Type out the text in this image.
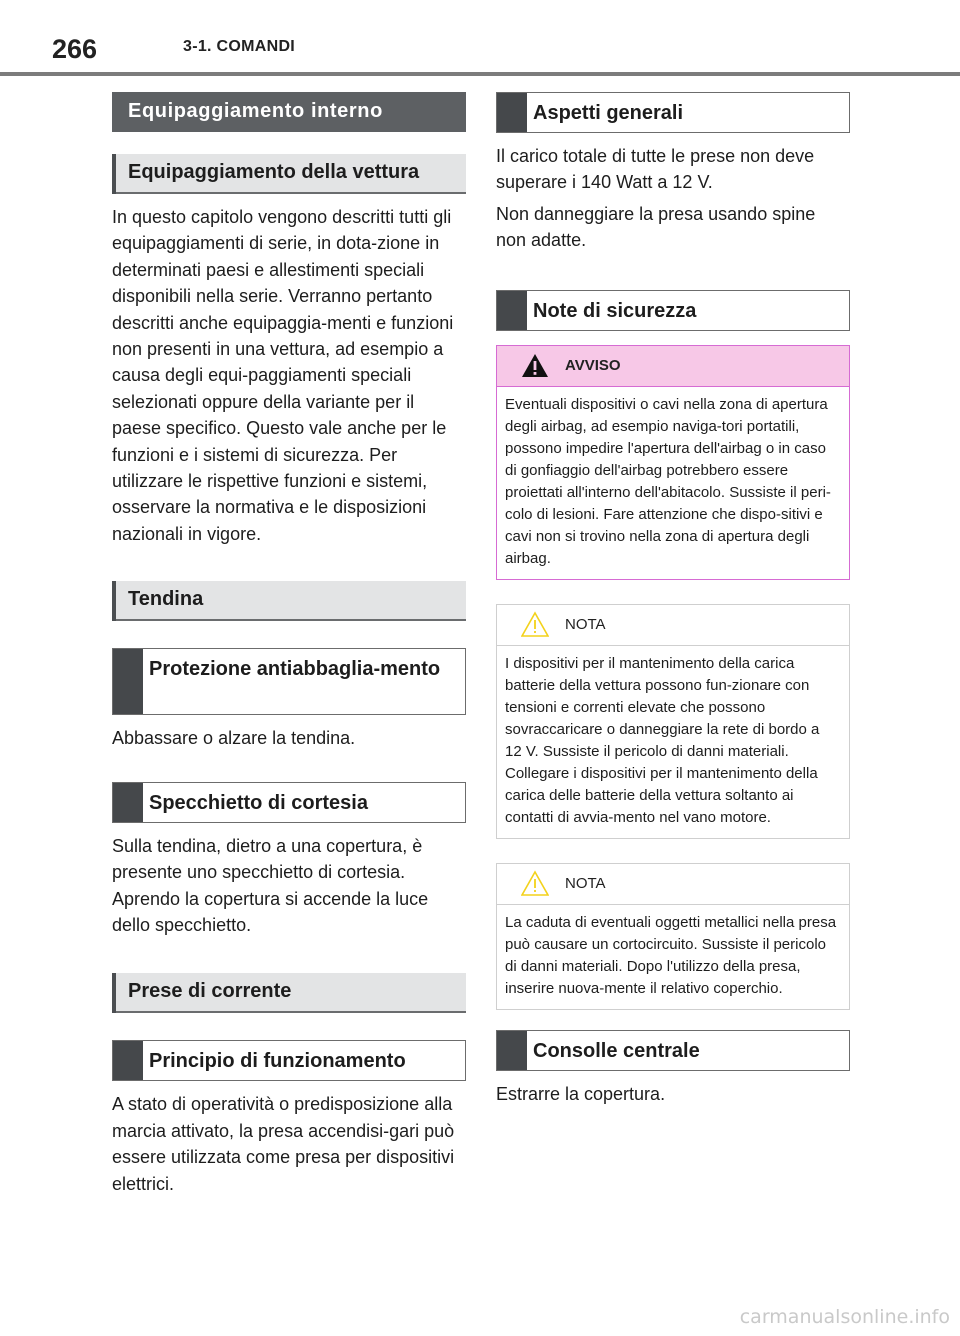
266	3-1. COMANDI
Equipaggiamento interno
Equipaggiamento della vettura

In questo capitolo vengono descritti tutti gli equipaggiamenti di serie, in dota-zione in determinati paesi e allestimenti speciali disponibili nella serie. Verranno pertanto descritti anche equipaggia-menti e funzioni non presenti in una vettura, ad esempio a causa degli equi-paggiamenti speciali selezionati oppure della variante per il paese specifico. Questo vale anche per le funzioni e i sistemi di sicurezza. Per utilizzare le rispettive funzioni e sistemi, osservare la normativa e le disposizioni nazionali in vigore.

Tendina
Protezione antiabbaglia-mento

Abbassare o alzare la tendina.

Specchietto di cortesia

Sulla tendina, dietro a una copertura, è presente uno specchietto di cortesia. Aprendo la copertura si accende la luce dello specchietto.

Prese di corrente
Principio di funzionamento

A stato di operatività o predisposizione alla marcia attivato, la presa accendisi-gari può essere utilizzata come presa per dispositivi elettrici.

Aspetti generali

Il carico totale di tutte le prese non deve superare i 140 Watt a 12 V.

Non danneggiare la presa usando spine non adatte.

Note di sicurezza
AVVISO
Eventuali dispositivi o cavi nella zona di apertura degli airbag, ad esempio naviga-tori portatili, possono impedire l'apertura dell'airbag o in caso di gonfiaggio dell'airbag potrebbero essere proiettati all'interno dell'abitacolo. Sussiste il peri-colo di lesioni. Fare attenzione che dispo-sitivi e cavi non si trovino nella zona di apertura degli airbag.
NOTA
I dispositivi per il mantenimento della carica batterie della vettura possono fun-zionare con tensioni e correnti elevate che possono sovraccaricare o danneggiare la rete di bordo a 12 V. Sussiste il pericolo di danni materiali. Collegare i dispositivi per il mantenimento della carica delle batterie della vettura soltanto ai contatti di avvia-mento nel vano motore.
NOTA
La caduta di eventuali oggetti metallici nella presa può causare un cortocircuito. Sussiste il pericolo di danni materiali. Dopo l'utilizzo della presa, inserire nuova-mente il relativo coperchio.
Consolle centrale

Estrarre la copertura.

carmanualsonline.info
